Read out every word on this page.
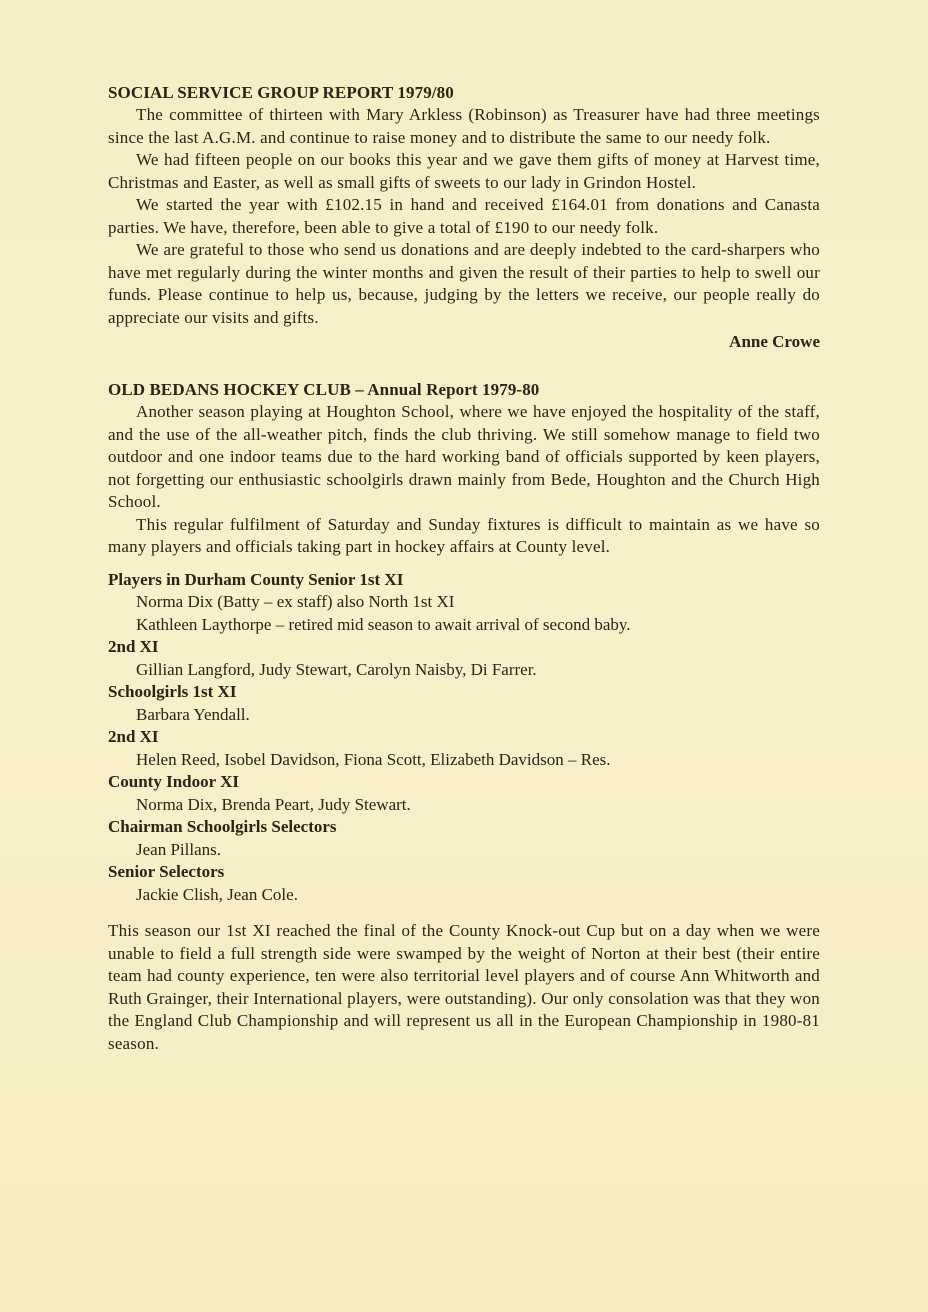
SOCIAL SERVICE GROUP REPORT 1979/80

The committee of thirteen with Mary Arkless (Robinson) as Treasurer have had three meetings since the last A.G.M. and continue to raise money and to distribute the same to our needy folk.

We had fifteen people on our books this year and we gave them gifts of money at Harvest time, Christmas and Easter, as well as small gifts of sweets to our lady in Grindon Hostel.

We started the year with £102.15 in hand and received £164.01 from donations and Canasta parties. We have, therefore, been able to give a total of £190 to our needy folk.

We are grateful to those who send us donations and are deeply indebted to the card-sharpers who have met regularly during the winter months and given the result of their parties to help to swell our funds. Please continue to help us, because, judging by the letters we receive, our people really do appreciate our visits and gifts.

Anne Crowe
OLD BEDANS HOCKEY CLUB – Annual Report 1979-80

Another season playing at Houghton School, where we have enjoyed the hospitality of the staff, and the use of the all-weather pitch, finds the club thriving. We still somehow manage to field two outdoor and one indoor teams due to the hard working band of officials supported by keen players, not forgetting our enthusiastic schoolgirls drawn mainly from Bede, Houghton and the Church High School.

This regular fulfilment of Saturday and Sunday fixtures is difficult to maintain as we have so many players and officials taking part in hockey affairs at County level.

Players in Durham County Senior 1st XI
Norma Dix (Batty – ex staff) also North 1st XI
Kathleen Laythorpe – retired mid season to await arrival of second baby.
2nd XI
Gillian Langford, Judy Stewart, Carolyn Naisby, Di Farrer.
Schoolgirls 1st XI
Barbara Yendall.
2nd XI
Helen Reed, Isobel Davidson, Fiona Scott, Elizabeth Davidson – Res.
County Indoor XI
Norma Dix, Brenda Peart, Judy Stewart.
Chairman Schoolgirls Selectors
Jean Pillans.
Senior Selectors
Jackie Clish, Jean Cole.
This season our 1st XI reached the final of the County Knock-out Cup but on a day when we were unable to field a full strength side were swamped by the weight of Norton at their best (their entire team had county experience, ten were also territorial level players and of course Ann Whitworth and Ruth Grainger, their International players, were outstanding). Our only consolation was that they won the England Club Championship and will represent us all in the European Championship in 1980-81 season.
